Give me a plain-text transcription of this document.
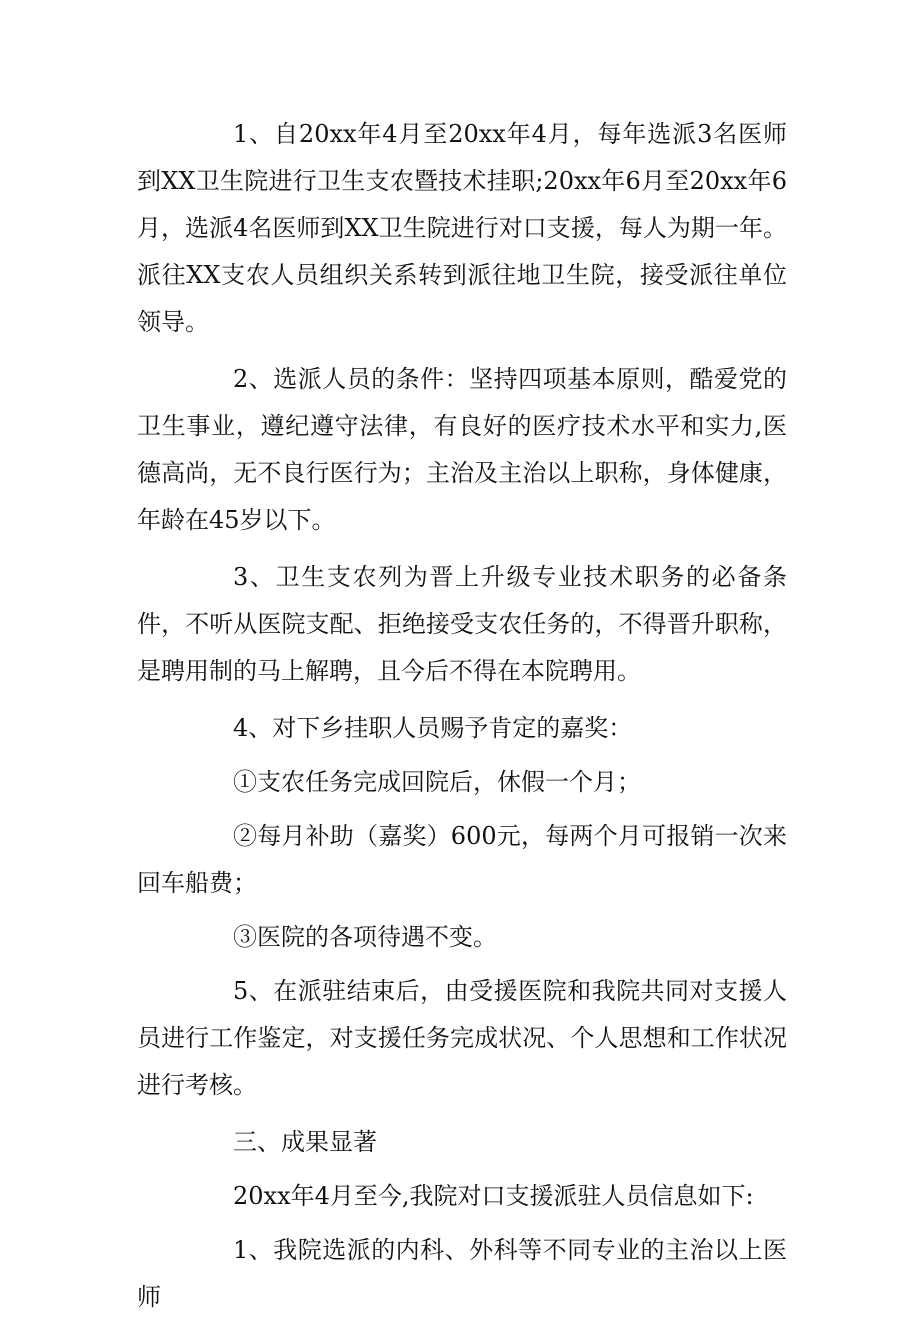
1、自20xx年4月至20xx年4月，每年选派3名医师到XX卫生院进行卫生支农暨技术挂职;20xx年6月至20xx年6月，选派4名医师到XX卫生院进行对口支援，每人为期一年。派往XX支农人员组织关系转到派往地卫生院，接受派往单位领导。

2、选派人员的条件：坚持四项基本原则，酷爱党的卫生事业，遵纪遵守法律，有良好的医疗技术水平和实力,医德高尚，无不良行医行为；主治及主治以上职称，身体健康，年龄在45岁以下。

3、卫生支农列为晋上升级专业技术职务的必备条件，不听从医院支配、拒绝接受支农任务的，不得晋升职称，是聘用制的马上解聘，且今后不得在本院聘用。

4、对下乡挂职人员赐予肯定的嘉奖：

①支农任务完成回院后，休假一个月；

②每月补助（嘉奖）600元，每两个月可报销一次来回车船费；

③医院的各项待遇不变。

5、在派驻结束后，由受援医院和我院共同对支援人员进行工作鉴定，对支援任务完成状况、个人思想和工作状况进行考核。

三、成果显著

20xx年4月至今,我院对口支援派驻人员信息如下:

1、我院选派的内科、外科等不同专业的主治以上医师
